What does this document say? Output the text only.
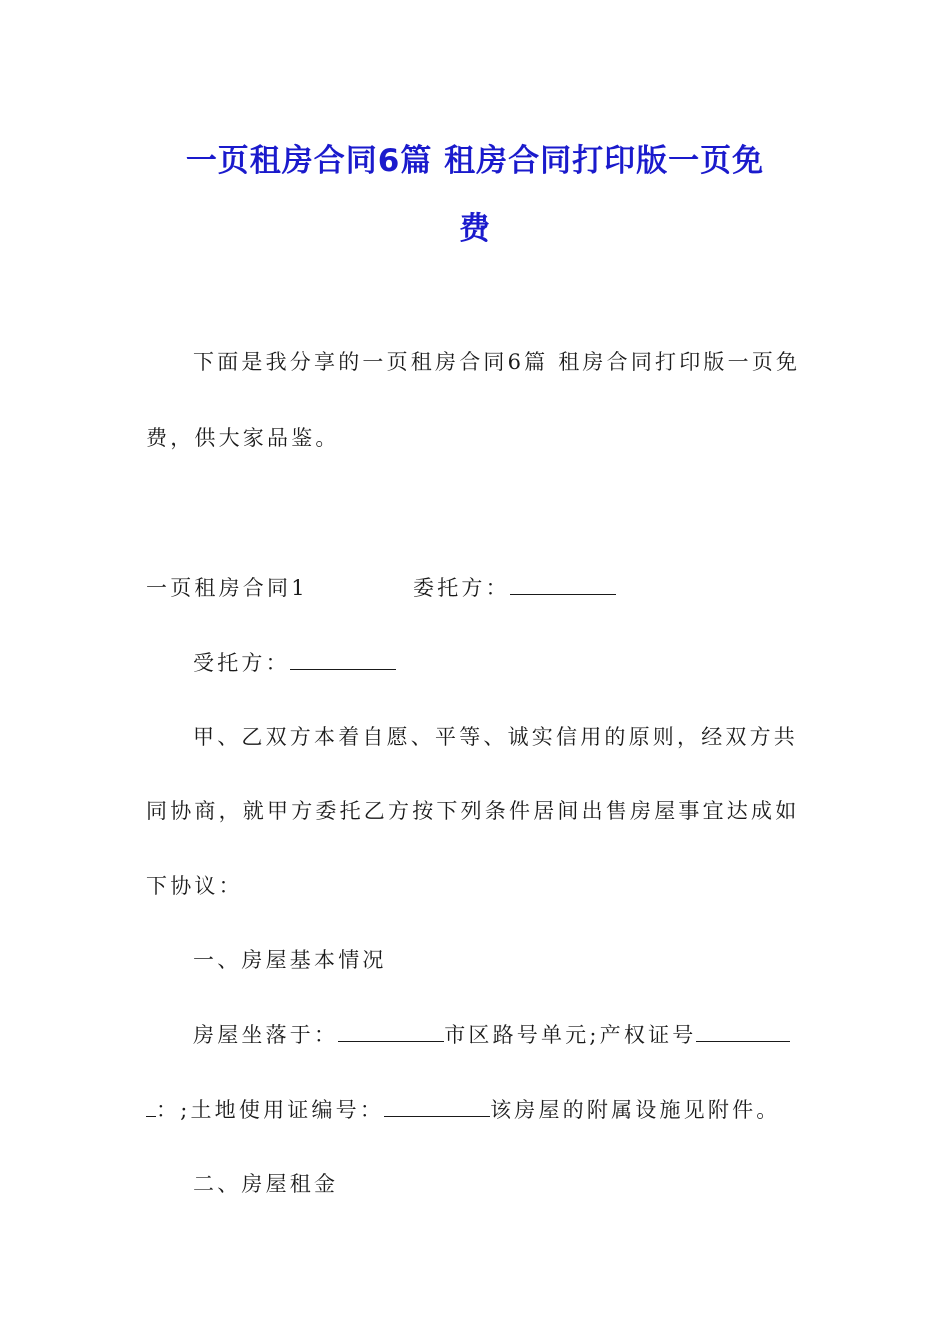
一页租房合同6篇 租房合同打印版一页免
费

下面是我分享的一页租房合同6篇 租房合同打印版一页免

费，供大家品鉴。

一页租房合同1	委托方：

受托方：

甲、乙双方本着自愿、平等、诚实信用的原则，经双方共

同协商，就甲方委托乙方按下列条件居间出售房屋事宜达成如

下协议：

一、房屋基本情况

房屋坐落于：	市区路号单元;产权证号

：;土地使用证编号：	该房屋的附属设施见附件。

二、房屋租金
